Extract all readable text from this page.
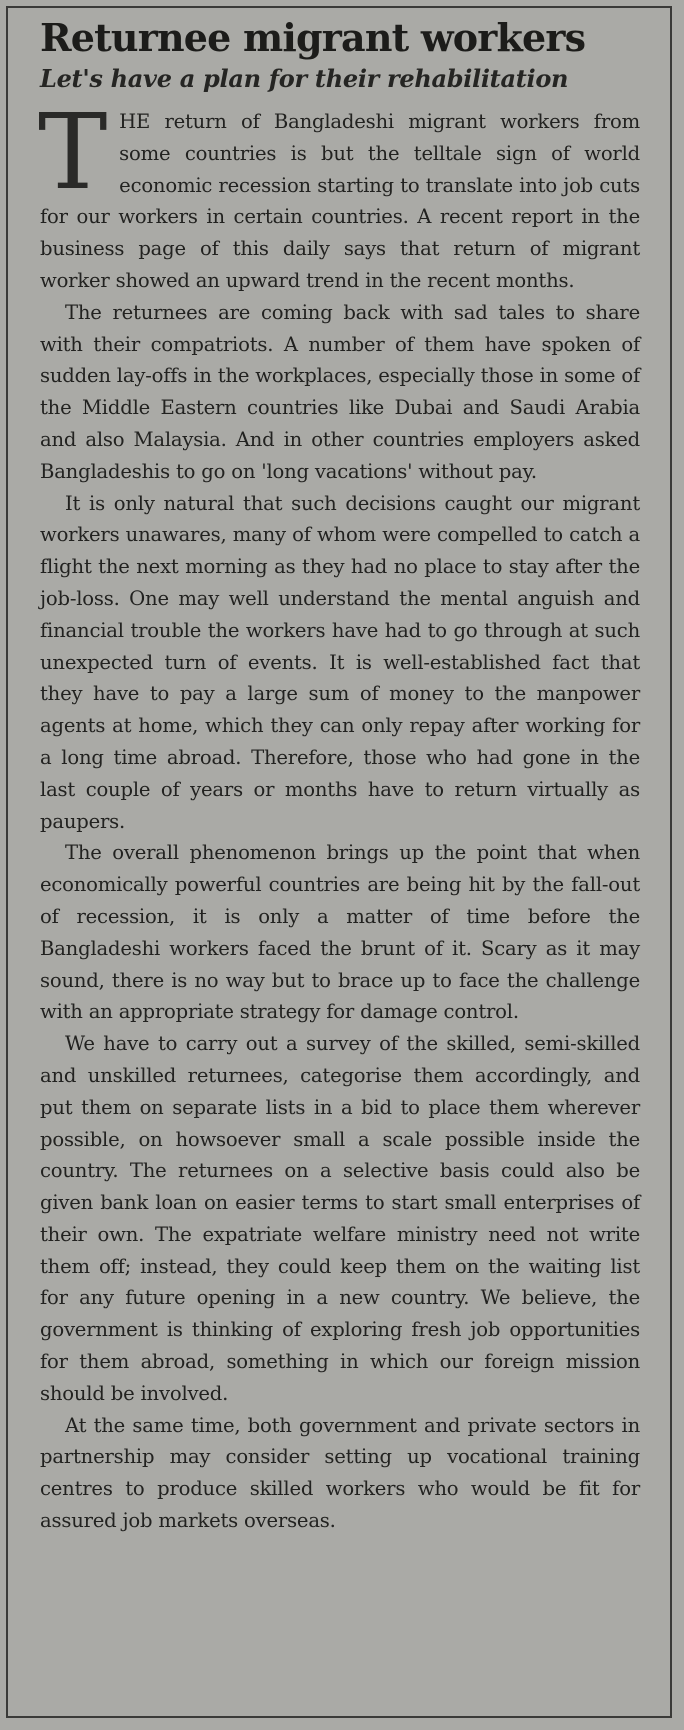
Returnee migrant workers
Let's have a plan for their rehabilitation

THE return of Bangladeshi migrant workers from some countries is but the telltale sign of world economic recession starting to translate into job cuts for our workers in certain countries. A recent report in the business page of this daily says that return of migrant worker showed an upward trend in the recent months.

The returnees are coming back with sad tales to share with their compatriots. A number of them have spoken of sudden lay-offs in the workplaces, especially those in some of the Middle Eastern countries like Dubai and Saudi Arabia and also Malaysia. And in other countries employers asked Bangladeshis to go on 'long vacations' without pay.

It is only natural that such decisions caught our migrant workers unawares, many of whom were compelled to catch a flight the next morning as they had no place to stay after the job-loss. One may well understand the mental anguish and financial trouble the workers have had to go through at such unexpected turn of events. It is well-established fact that they have to pay a large sum of money to the manpower agents at home, which they can only repay after working for a long time abroad. Therefore, those who had gone in the last couple of years or months have to return virtually as paupers.

The overall phenomenon brings up the point that when economically powerful countries are being hit by the fall-out of recession, it is only a matter of time before the Bangladeshi workers faced the brunt of it. Scary as it may sound, there is no way but to brace up to face the challenge with an appropriate strategy for damage control.

We have to carry out a survey of the skilled, semi-skilled and unskilled returnees, categorise them accordingly, and put them on separate lists in a bid to place them wherever possible, on howsoever small a scale possible inside the country. The returnees on a selective basis could also be given bank loan on easier terms to start small enterprises of their own. The expatriate welfare ministry need not write them off; instead, they could keep them on the waiting list for any future opening in a new country. We believe, the government is thinking of exploring fresh job opportunities for them abroad, something in which our foreign mission should be involved.

At the same time, both government and private sectors in partnership may consider setting up vocational training centres to produce skilled workers who would be fit for assured job markets overseas.
